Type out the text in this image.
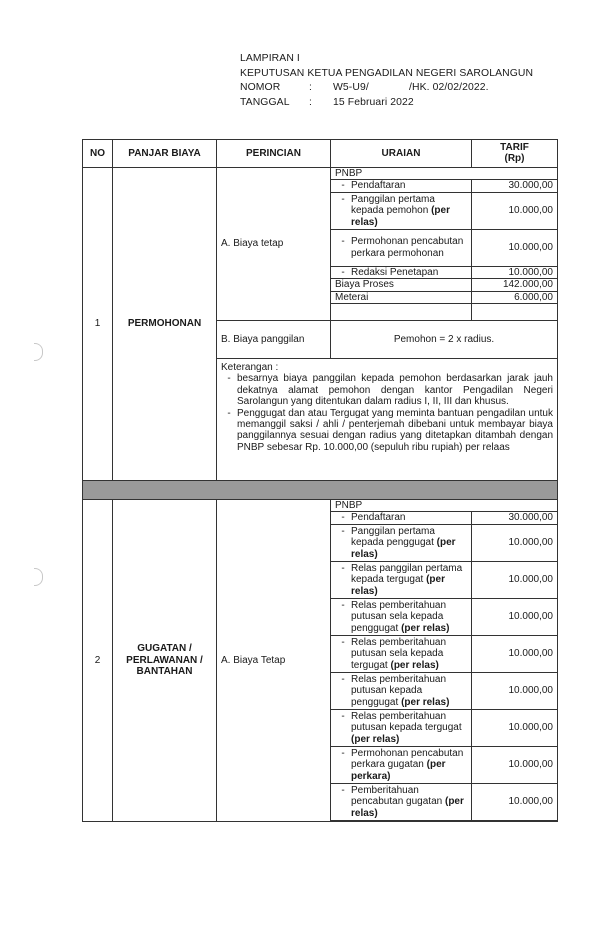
LAMPIRAN I
KEPUTUSAN KETUA PENGADILAN NEGERI SAROLANGUN
NOMOR	:	W5-U9/	/HK. 02/02/2022.
TANGGAL	:	15 Februari 2022
NO	PANJAR BIAYA	PERINCIAN	URAIAN	TARIF (Rp)
1	PERMOHONAN	A. Biaya tetap	PNBP	

			- Pendaftaran	30.000,00

			- Panggilan pertama kepada pemohon (per relas)	10.000,00

			- Permohonan pencabutan perkara permohonan	10.000,00

			- Redaksi Penetapan	10.000,00
			Biaya Proses	142.000,00
			Meterai	6.000,00

		B. Biaya panggilan	Pemohon = 2 x radius.	

		Keterangan :
- besarnya biaya panggilan kepada pemohon berdasarkan jarak jauh dekatnya alamat pemohon dengan kantor Pengadilan Negeri Sarolangun yang ditentukan dalam radius I, II, III dan khusus.
- Penggugat dan atau Tergugat yang meminta bantuan pengadilan untuk memanggil saksi / ahli / penterjemah dibebani untuk membayar biaya panggilannya sesuai dengan radius yang ditetapkan ditambah dengan PNBP sebesar Rp. 10.000,00 (sepuluh ribu rupiah) per relaas		

2	GUGATAN / PERLAWANAN / BANTAHAN	A. Biaya Tetap	PNBP	

			- Pendaftaran	30.000,00

			- Panggilan pertama kepada penggugat (per relas)	10.000,00

			- Relas panggilan pertama kepada tergugat (per relas)	10.000,00

			- Relas pemberitahuan putusan sela kepada penggugat (per relas)	10.000,00

			- Relas pemberitahuan putusan sela kepada tergugat (per relas)	10.000,00

			- Relas pemberitahuan putusan kepada penggugat (per relas)	10.000,00

			- Relas pemberitahuan putusan kepada tergugat (per relas)	10.000,00

			- Permohonan pencabutan perkara gugatan (per perkara)	10.000,00

			- Pemberitahuan pencabutan gugatan (per relas)	10.000,00
